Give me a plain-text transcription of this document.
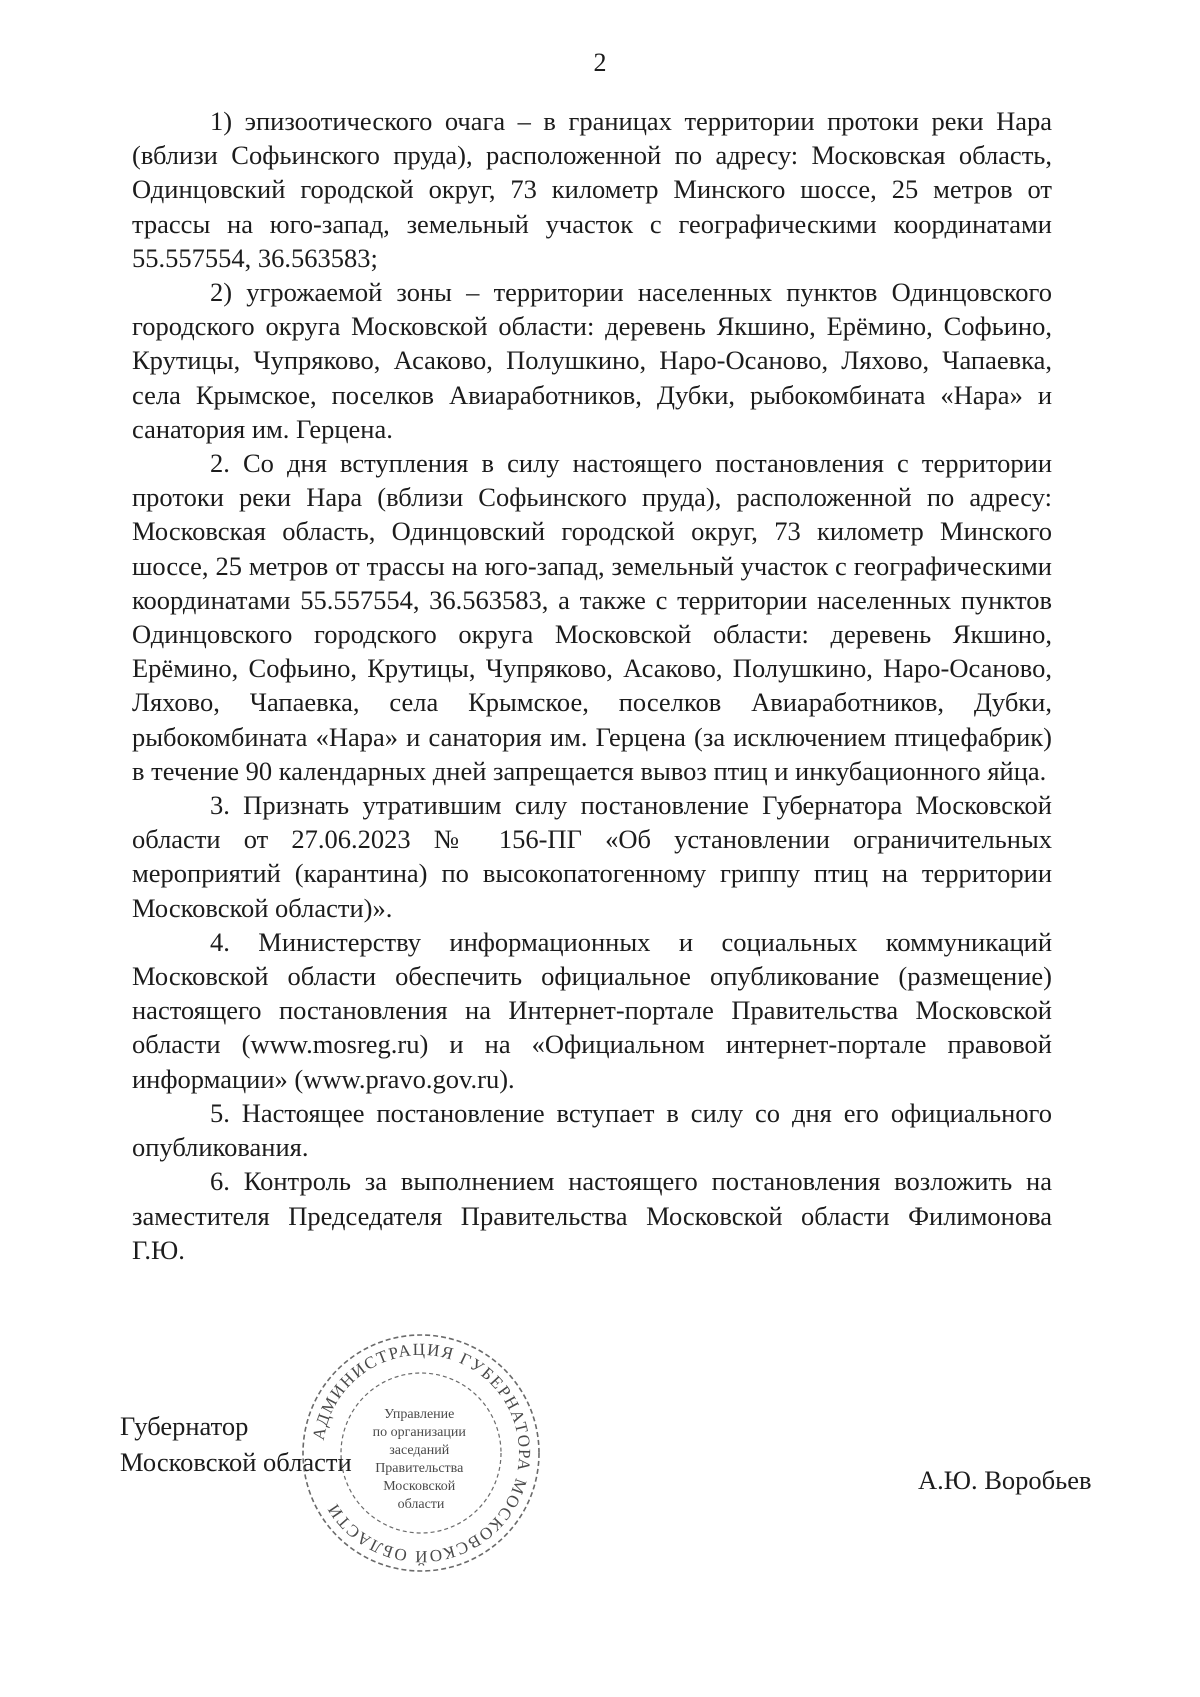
2

1) эпизоотического очага – в границах территории протоки реки Нара (вблизи Софьинского пруда), расположенной по адресу: Московская область, Одинцовский городской округ, 73 километр Минского шоссе, 25 метров от трассы на юго-запад, земельный участок с географическими координатами 55.557554, 36.563583;

2) угрожаемой зоны – территории населенных пунктов Одинцовского городского округа Московской области: деревень Якшино, Ерёмино, Софьино, Крутицы, Чупряково, Асаково, Полушкино, Наро-Осаново, Ляхово, Чапаевка, села Крымское, поселков Авиаработников, Дубки, рыбокомбината «Нара» и санатория им. Герцена.

2. Со дня вступления в силу настоящего постановления с территории протоки реки Нара (вблизи Софьинского пруда), расположенной по адресу: Московская область, Одинцовский городской округ, 73 километр Минского шоссе, 25 метров от трассы на юго-запад, земельный участок с географическими координатами 55.557554, 36.563583, а также с территории населенных пунктов Одинцовского городского округа Московской области: деревень Якшино, Ерёмино, Софьино, Крутицы, Чупряково, Асаково, Полушкино, Наро-Осаново, Ляхово, Чапаевка, села Крымское, поселков Авиаработников, Дубки, рыбокомбината «Нара» и санатория им. Герцена (за исключением птицефабрик) в течение 90 календарных дней запрещается вывоз птиц и инкубационного яйца.

3. Признать утратившим силу постановление Губернатора Московской области от 27.06.2023 № 156-ПГ «Об установлении ограничительных мероприятий (карантина) по высокопатогенному гриппу птиц на территории Московской области)».

4. Министерству информационных и социальных коммуникаций Московской области обеспечить официальное опубликование (размещение) настоящего постановления на Интернет-портале Правительства Московской области (www.mosreg.ru) и на «Официальном интернет-портале правовой информации» (www.pravo.gov.ru).

5. Настоящее постановление вступает в силу со дня его официального опубликования.

6. Контроль за выполнением настоящего постановления возложить на заместителя Председателя Правительства Московской области Филимонова Г.Ю.

Губернатор
Московской области
А.Ю. Воробьев
АДМИНИСТРАЦИЯ ГУБЕРНАТОРА МОСКОВСКОЙ ОБЛАСТИ
Управление по организации заседаний Правительства Московской области
